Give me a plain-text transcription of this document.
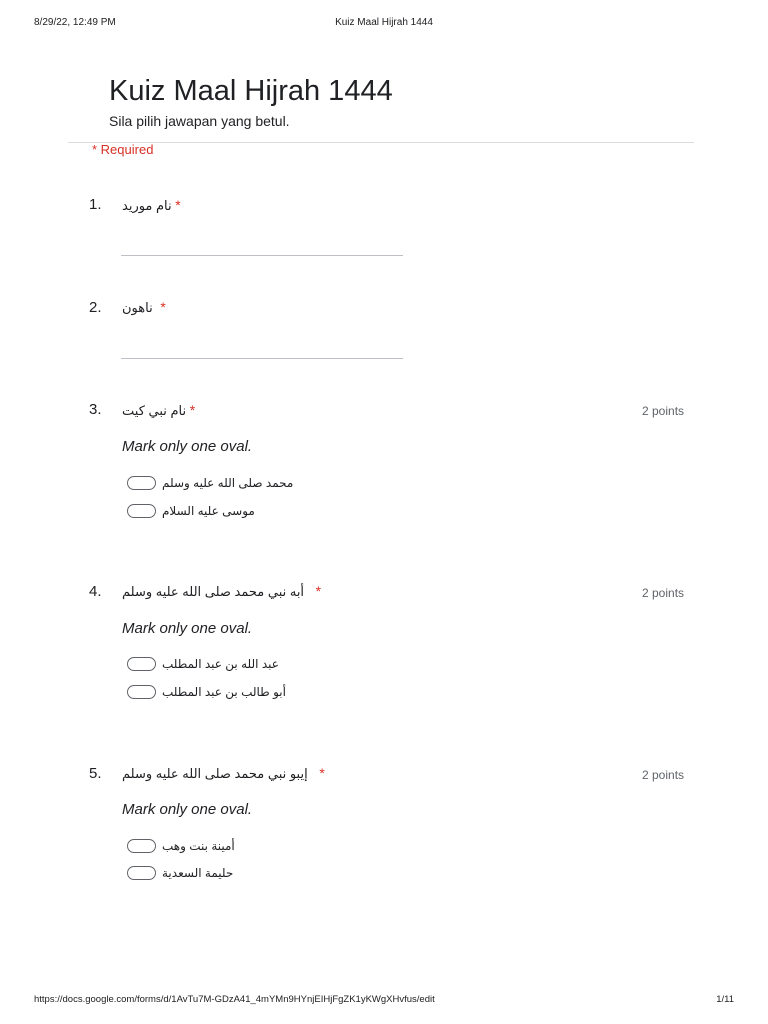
8/29/22, 12:49 PM	Kuiz Maal Hijrah 1444
Kuiz Maal Hijrah 1444
Sila pilih jawapan yang betul.
* Required
1. نام موريد *
2. ناهون *
3. نام نبي كيت *	2 points
Mark only one oval.
محمد صلى الله عليه وسلم
موسى عليه السلام
4. أبه نبي محمد صلى الله عليه وسلم *	2 points
Mark only one oval.
عبد الله بن عبد المطلب
أبو طالب بن عبد المطلب
5. إيبو نبي محمد صلى الله عليه وسلم *	2 points
Mark only one oval.
أمينة بنت وهب
حليمة السعدية
https://docs.google.com/forms/d/1AvTu7M-GDzA41_4mYMn9HYnjEIHjFgZK1yKWgXHvfus/edit	1/11
